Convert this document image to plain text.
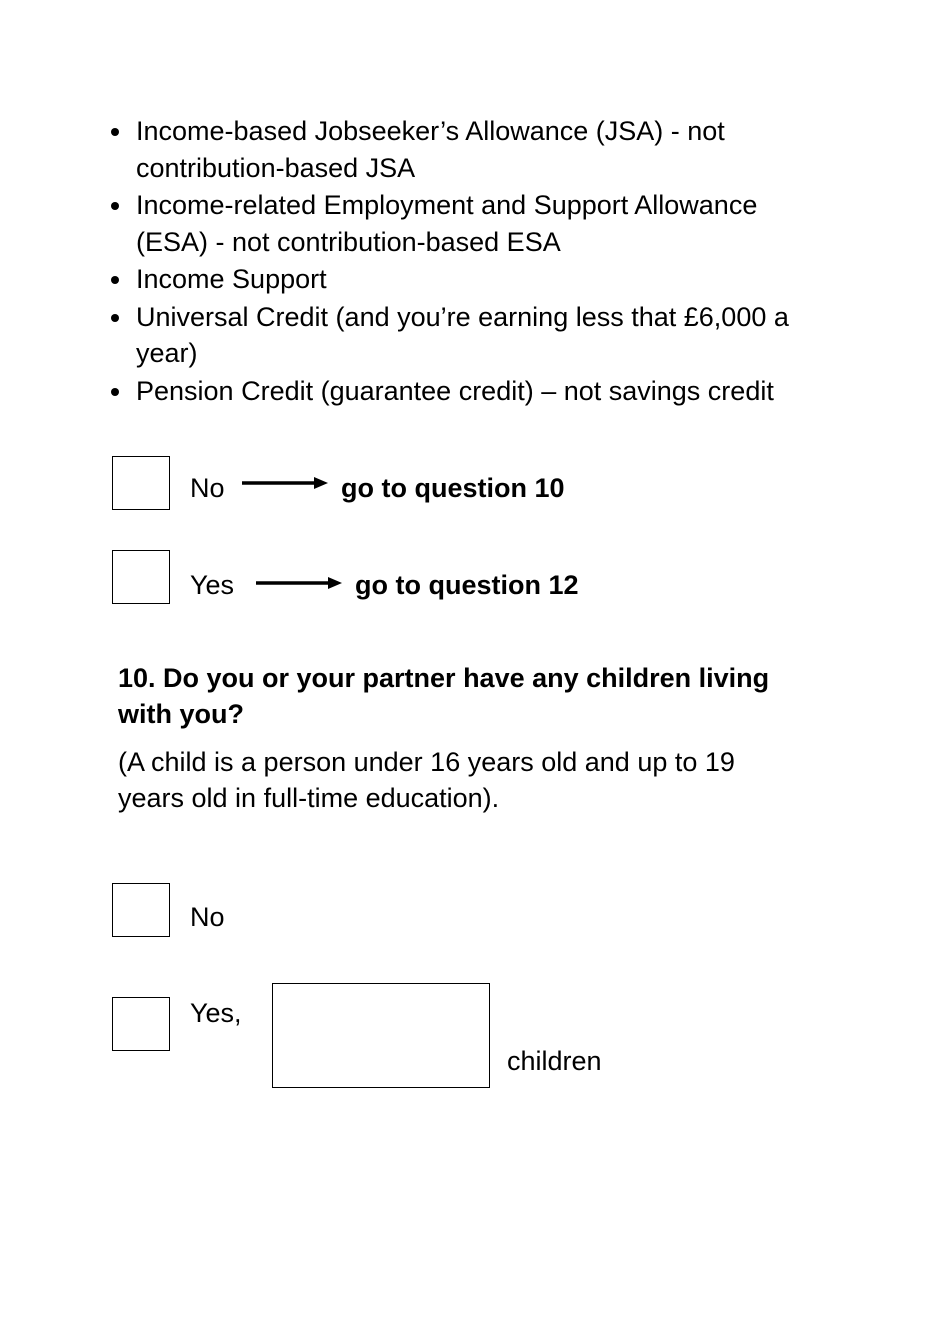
Income-based Jobseeker’s Allowance (JSA) - not
contribution-based JSA
Income-related Employment and Support Allowance
(ESA) - not contribution-based ESA
Income Support
Universal Credit (and you’re earning less that £6,000 a
year)
Pension Credit (guarantee credit) – not savings credit
No	go to question 10
Yes	go to question 12

10. Do you or your partner have any children living
with you?

(A child is a person under 16 years old and up to 19
years old in full-time education).

No
Yes,
children
